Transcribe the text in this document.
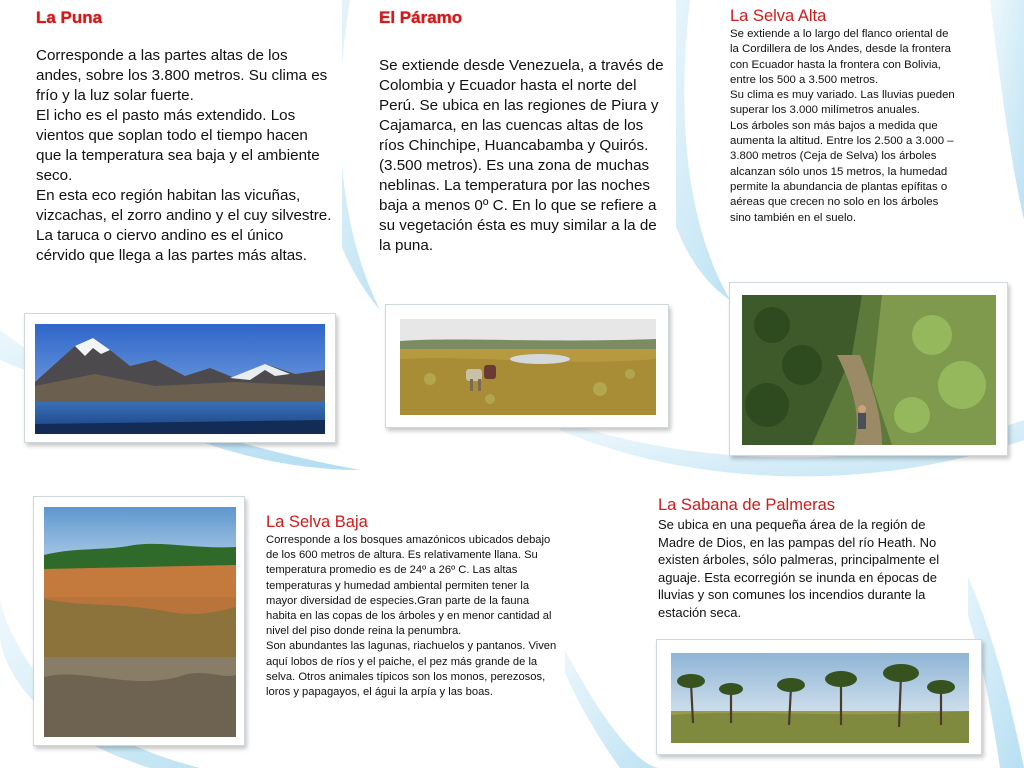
La Puna

Corresponde a las partes altas de los andes, sobre los 3.800 metros. Su clima es frío y la luz solar fuerte.
El icho es el pasto más extendido. Los vientos que soplan todo el tiempo hacen que la temperatura sea baja y el ambiente seco.
En esta eco región habitan las vicuñas, vizcachas, el zorro andino y el cuy silvestre. La taruca o ciervo andino es el único cérvido que llega a las partes más altas.

El Páramo

Se extiende desde Venezuela, a través de Colombia y Ecuador hasta el norte del Perú. Se ubica en las regiones de Piura y Cajamarca, en las cuencas altas de los ríos Chinchipe, Huancabamba y Quirós. (3.500 metros). Es una zona de muchas neblinas. La temperatura por las noches baja a menos 0º C. En lo que se refiere a su vegetación ésta es muy similar a la de la puna.

La Selva Alta

Se extiende a lo largo del flanco oriental de la Cordillera de los Andes, desde la frontera con Ecuador hasta la frontera con Bolivia, entre los 500 a 3.500 metros.
Su clima es muy variado. Las lluvias pueden superar los 3.000 milímetros anuales.
Los árboles son más bajos a medida que aumenta la altitud. Entre los 2.500 a 3.000 – 3.800 metros (Ceja de Selva) los árboles alcanzan sólo unos 15 metros, la humedad permite la abundancia de plantas epífitas o aéreas que crecen no solo en los árboles sino también en el suelo.

La Selva Baja

Corresponde a los bosques amazónicos ubicados debajo de los 600 metros de altura. Es relativamente llana. Su temperatura promedio es de 24º a 26º C. Las altas temperaturas y humedad ambiental permiten tener la mayor diversidad de especies.Gran parte de la fauna habita en las copas de los árboles y en menor cantidad al nivel del piso donde reina la penumbra.
Son abundantes las lagunas, riachuelos y pantanos. Viven aquí lobos de ríos y el paiche, el pez más grande de la selva. Otros animales típicos son los monos, perezosos, loros y papagayos, el águi la arpía y las boas.

La Sabana de Palmeras

Se ubica en una pequeña área de la región de Madre de Dios, en las pampas del río Heath. No existen árboles, sólo palmeras, principalmente el aguaje. Esta ecorregión se inunda en épocas de lluvias y son comunes los incendios durante la estación seca.
